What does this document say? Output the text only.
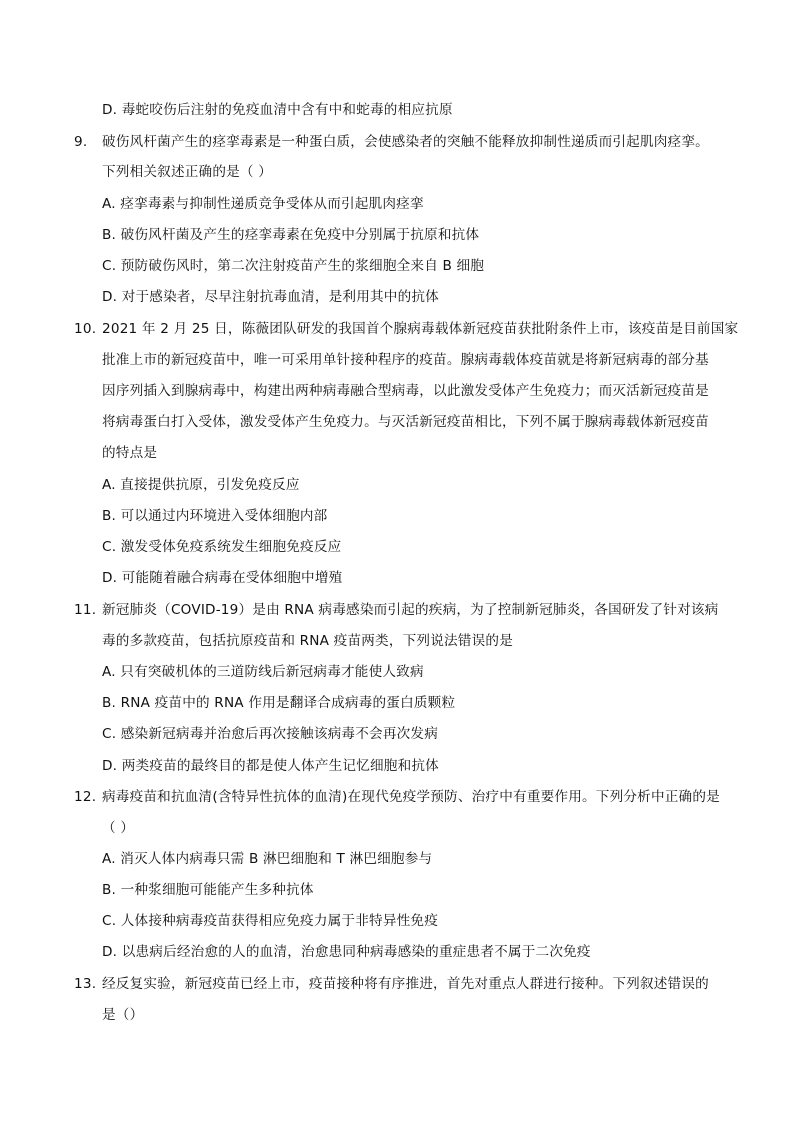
D. 毒蛇咬伤后注射的免疫血清中含有中和蛇毒的相应抗原
9. 破伤风杆菌产生的痉挛毒素是一种蛋白质，会使感染者的突触不能释放抑制性递质而引起肌肉痉挛。
下列相关叙述正确的是（ ）
A. 痉挛毒素与抑制性递质竞争受体从而引起肌肉痉挛
B. 破伤风杆菌及产生的痉挛毒素在免疫中分别属于抗原和抗体
C. 预防破伤风时，第二次注射疫苗产生的浆细胞全来自 B 细胞
D. 对于感染者，尽早注射抗毒血清，是利用其中的抗体
10. 2021 年 2 月 25 日，陈薇团队研发的我国首个腺病毒载体新冠疫苗获批附条件上市，该疫苗是目前国家
批准上市的新冠疫苗中，唯一可采用单针接种程序的疫苗。腺病毒载体疫苗就是将新冠病毒的部分基
因序列插入到腺病毒中，构建出两种病毒融合型病毒，以此激发受体产生免疫力；而灭活新冠疫苗是
将病毒蛋白打入受体，激发受体产生免疫力。与灭活新冠疫苗相比，下列不属于腺病毒载体新冠疫苗
的特点是
A. 直接提供抗原，引发免疫反应
B. 可以通过内环境进入受体细胞内部
C. 激发受体免疫系统发生细胞免疫反应
D. 可能随着融合病毒在受体细胞中增殖
11. 新冠肺炎（COVID-19）是由 RNA 病毒感染而引起的疾病，为了控制新冠肺炎，各国研发了针对该病
毒的多款疫苗，包括抗原疫苗和 RNA 疫苗两类，下列说法错误的是
A. 只有突破机体的三道防线后新冠病毒才能使人致病
B. RNA 疫苗中的 RNA 作用是翻译合成病毒的蛋白质颗粒
C. 感染新冠病毒并治愈后再次接触该病毒不会再次发病
D. 两类疫苗的最终目的都是使人体产生记忆细胞和抗体
12. 病毒疫苗和抗血清(含特异性抗体的血清)在现代免疫学预防、治疗中有重要作用。下列分析中正确的是
（ ）
A. 消灭人体内病毒只需 B 淋巴细胞和 T 淋巴细胞参与
B. 一种浆细胞可能能产生多种抗体
C. 人体接种病毒疫苗获得相应免疫力属于非特异性免疫
D. 以患病后经治愈的人的血清，治愈患同种病毒感染的重症患者不属于二次免疫
13. 经反复实验，新冠疫苗已经上市，疫苗接种将有序推进，首先对重点人群进行接种。下列叙述错误的
是（）
